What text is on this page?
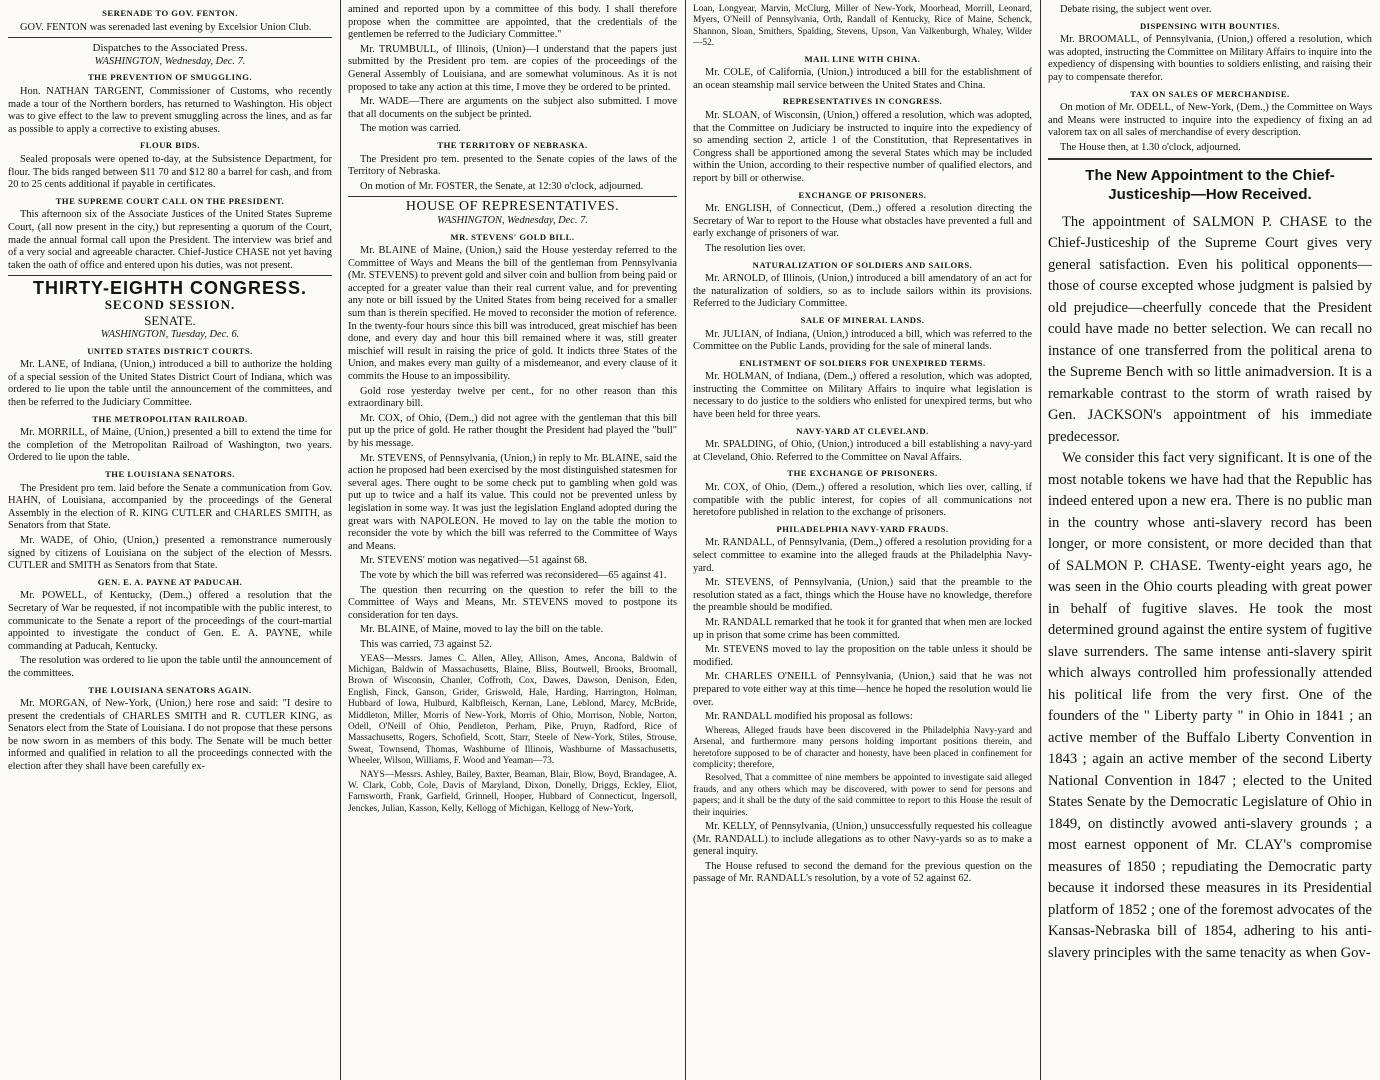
SERENADE TO GOV. FENTON.

GOV. FENTON was serenaded last evening by Excelsior Union Club.

Dispatches to the Associated Press.
WASHINGTON, Wednesday, Dec. 7.
THE PREVENTION OF SMUGGLING.

Hon. NATHAN TARGENT, Commissioner of Customs, who recently made a tour of the Northern borders, has returned to Washington. His object was to give effect to the law to prevent smuggling across the lines, and as far as possible to apply a corrective to existing abuses.

FLOUR BIDS.

Sealed proposals were opened to-day, at the Subsistence Department, for flour. The bids ranged between $11 70 and $12 80 a barrel for cash, and from 20 to 25 cents additional if payable in certificates.

THE SUPREME COURT CALL ON THE PRESIDENT.

This afternoon six of the Associate Justices of the United States Supreme Court, (all now present in the city,) but representing a quorum of the Court, made the annual formal call upon the President. The interview was brief and of a very social and agreeable character. Chief-Justice CHASE not yet having taken the oath of office and entered upon his duties, was not present.

THIRTY-EIGHTH CONGRESS.
SECOND SESSION.
SENATE.
WASHINGTON, Tuesday, Dec. 6.
UNITED STATES DISTRICT COURTS.

Mr. LANE, of Indiana, (Union,) introduced a bill to authorize the holding of a special session of the United States District Court of Indiana, which was ordered to lie upon the table until the announcement of the committees, and then be referred to the Judiciary Committee.

THE METROPOLITAN RAILROAD.

Mr. MORRILL, of Maine, (Union,) presented a bill to extend the time for the completion of the Metropolitan Railroad of Washington, two years. Ordered to lie upon the table.

THE LOUISIANA SENATORS.

The President pro tem. laid before the Senate a communication from Gov. HAHN, of Louisiana, accompanied by the proceedings of the General Assembly in the election of R. KING CUTLER and CHARLES SMITH, as Senators from that State.

Mr. WADE, of Ohio, (Union,) presented a remonstrance numerously signed by citizens of Louisiana on the subject of the election of Messrs. CUTLER and SMITH as Senators from that State.

GEN. E. A. PAYNE AT PADUCAH.

Mr. POWELL, of Kentucky, (Dem.,) offered a resolution that the Secretary of War be requested, if not incompatible with the public interest, to communicate to the Senate a report of the proceedings of the court-martial appointed to investigate the conduct of Gen. E. A. PAYNE, while commanding at Paducah, Kentucky.

The resolution was ordered to lie upon the table until the announcement of the committees.

THE LOUISIANA SENATORS AGAIN.

Mr. MORGAN, of New-York, (Union,) here rose and said: "I desire to present the credentials of CHARLES SMITH and R. CUTLER KING, as Senators elect from the State of Louisiana. I do not propose that these persons be now sworn in as members of this body. The Senate will be much better informed and qualified in relation to all the proceedings connected with the election after they shall have been carefully ex-

amined and reported upon by a committee of this body. I shall therefore propose when the committee are appointed, that the credentials of the gentlemen be referred to the Judiciary Committee."

Mr. TRUMBULL, of Illinois, (Union)—I understand that the papers just submitted by the President pro tem. are copies of the proceedings of the General Assembly of Louisiana, and are somewhat voluminous. As it is not proposed to take any action at this time, I move they be ordered to be printed.

Mr. WADE—There are arguments on the subject also submitted. I move that all documents on the subject be printed.

The motion was carried.

THE TERRITORY OF NEBRASKA.

The President pro tem. presented to the Senate copies of the laws of the Territory of Nebraska.

On motion of Mr. FOSTER, the Senate, at 12:30 o'clock, adjourned.

HOUSE OF REPRESENTATIVES.
WASHINGTON, Wednesday, Dec. 7.
MR. STEVENS' GOLD BILL.

Mr. BLAINE of Maine, (Union,) said the House yesterday referred to the Committee of Ways and Means the bill of the gentleman from Pennsylvania (Mr. STEVENS) to prevent gold and silver coin and bullion from being paid or accepted for a greater value than their real current value, and for preventing any note or bill issued by the United States from being received for a smaller sum than is therein specified. He moved to reconsider the motion of reference. In the twenty-four hours since this bill was introduced, great mischief has been done, and every day and hour this bill remained where it was, still greater mischief will result in raising the price of gold. It indicts three States of the Union, and makes every man guilty of a misdemeanor, and every clause of it commits the House to an impossibility.

Gold rose yesterday twelve per cent., for no other reason than this extraordinary bill.

Mr. COX, of Ohio, (Dem.,) did not agree with the gentleman that this bill put up the price of gold. He rather thought the President had played the "bull" by his message.

Mr. STEVENS, of Pennsylvania, (Union,) in reply to Mr. BLAINE, said the action he proposed had been exercised by the most distinguished statesmen for several ages. There ought to be some check put to gambling when gold was put up to twice and a half its value. This could not be prevented unless by legislation in some way. It was just the legislation England adopted during the great wars with NAPOLEON. He moved to lay on the table the motion to reconsider the vote by which the bill was referred to the Committee of Ways and Means.

Mr. STEVENS' motion was negatived—51 against 68.

The vote by which the bill was referred was reconsidered—65 against 41.

The question then recurring on the question to refer the bill to the Committee of Ways and Means, Mr. STEVENS moved to postpone its consideration for ten days.

Mr. BLAINE, of Maine, moved to lay the bill on the table.

This was carried, 73 against 52.

YEAS—Messrs. James C. Allen, Alley, Allison, Ames, Ancona, Baldwin of Michigan, Baldwin of Massachusetts, Blaine, Bliss, Boutwell, Brooks, Broomall, Brown of Wisconsin, Chanler, Coffroth, Cox, Dawes, Dawson, Denison, Eden, English, Finck, Ganson, Grider, Griswold, Hale, Harding, Harrington, Holman, Hubbard of Iowa, Hulburd, Kalbfleisch, Kernan, Lane, Leblond, Marcy, McBride, Middleton, Miller, Morris of New-York, Morris of Ohio, Morrison, Noble, Norton, Odell, O'Neill of Ohio, Pendleton, Perham, Pike, Pruyn, Radford, Rice of Massachusetts, Rogers, Schofield, Scott, Starr, Steele of New-York, Stiles, Strouse, Sweat, Townsend, Thomas, Washburne of Illinois, Washburne of Massachusetts, Wheeler, Wilson, Williams, F. Wood and Yeaman—73.

NAYS—Messrs. Ashley, Bailey, Baxter, Beaman, Blair, Blow, Boyd, Brandagee, A. W. Clark, Cobb, Cole, Davis of Maryland, Dixon, Donelly, Driggs, Eckley, Eliot, Farnsworth, Frank, Garfield, Grinnell, Hooper, Hubbard of Connecticut, Ingersoll, Jenckes, Julian, Kasson, Kelly, Kellogg of Michigan, Kellogg of New-York,

Loan, Longyear, Marvin, McClurg, Miller of New-York, Moorhead, Morrill, Leonard, Myers, O'Neill of Pennsylvania, Orth, Randall of Kentucky, Rice of Maine, Schenck, Shannon, Sloan, Smithers, Spalding, Stevens, Upson, Van Valkenburgh, Whaley, Wilder—52.

MAIL LINE WITH CHINA.

Mr. COLE, of California, (Union,) introduced a bill for the establishment of an ocean steamship mail service between the United States and China.

REPRESENTATIVES IN CONGRESS.

Mr. SLOAN, of Wisconsin, (Union,) offered a resolution, which was adopted, that the Committee on Judiciary be instructed to inquire into the expediency of so amending section 2, article 1 of the Constitution, that Representatives in Congress shall be apportioned among the several States which may be included within the Union, according to their respective number of qualified electors, and report by bill or otherwise.

EXCHANGE OF PRISONERS.

Mr. ENGLISH, of Connecticut, (Dem.,) offered a resolution directing the Secretary of War to report to the House what obstacles have prevented a full and early exchange of prisoners of war.

The resolution lies over.

NATURALIZATION OF SOLDIERS AND SAILORS.

Mr. ARNOLD, of Illinois, (Union,) introduced a bill amendatory of an act for the naturalization of soldiers, so as to include sailors within its provisions. Referred to the Judiciary Committee.

SALE OF MINERAL LANDS.

Mr. JULIAN, of Indiana, (Union,) introduced a bill, which was referred to the Committee on the Public Lands, providing for the sale of mineral lands.

ENLISTMENT OF SOLDIERS FOR UNEXPIRED TERMS.

Mr. HOLMAN, of Indiana, (Dem.,) offered a resolution, which was adopted, instructing the Committee on Military Affairs to inquire what legislation is necessary to do justice to the soldiers who enlisted for unexpired terms, but who have been held for three years.

NAVY-YARD AT CLEVELAND.

Mr. SPALDING, of Ohio, (Union,) introduced a bill establishing a navy-yard at Cleveland, Ohio. Referred to the Committee on Naval Affairs.

THE EXCHANGE OF PRISONERS.

Mr. COX, of Ohio, (Dem.,) offered a resolution, which lies over, calling, if compatible with the public interest, for copies of all communications not heretofore published in relation to the exchange of prisoners.

PHILADELPHIA NAVY-YARD FRAUDS.

Mr. RANDALL, of Pennsylvania, (Dem.,) offered a resolution providing for a select committee to examine into the alleged frauds at the Philadelphia Navy-yard.

Mr. STEVENS, of Pennsylvania, (Union,) said that the preamble to the resolution stated as a fact, things which the House have no knowledge, therefore the preamble should be modified.

Mr. RANDALL remarked that he took it for granted that when men are locked up in prison that some crime has been committed.

Mr. STEVENS moved to lay the proposition on the table unless it should be modified.

Mr. CHARLES O'NEILL of Pennsylvania, (Union,) said that he was not prepared to vote either way at this time—hence he hoped the resolution would lie over.

Mr. RANDALL modified his proposal as follows:

Whereas, Alleged frauds have been discovered in the Philadelphia Navy-yard and Arsenal, and furthermore many persons holding important positions therein, and heretofore supposed to be of character and honesty, have been placed in confinement for complicity; therefore,

Resolved, That a committee of nine members be appointed to investigate said alleged frauds, and any others which may be discovered, with power to send for persons and papers; and it shall be the duty of the said committee to report to this House the result of their inquiries.

Mr. KELLY, of Pennsylvania, (Union,) unsuccessfully requested his colleague (Mr. RANDALL) to include allegations as to other Navy-yards so as to make a general inquiry.

The House refused to second the demand for the previous question on the passage of Mr. RANDALL's resolution, by a vote of 52 against 62.

Debate rising, the subject went over.

DISPENSING WITH BOUNTIES.

Mr. BROOMALL, of Pennsylvania, (Union,) offered a resolution, which was adopted, instructing the Committee on Military Affairs to inquire into the expediency of dispensing with bounties to soldiers enlisting, and raising their pay to compensate therefor.

TAX ON SALES OF MERCHANDISE.

On motion of Mr. ODELL, of New-York, (Dem.,) the Committee on Ways and Means were instructed to inquire into the expediency of fixing an ad valorem tax on all sales of merchandise of every description.

The House then, at 1.30 o'clock, adjourned.

The New Appointment to the Chief-Justiceship—How Received.

The appointment of SALMON P. CHASE to the Chief-Justiceship of the Supreme Court gives very general satisfaction. Even his political opponents—those of course excepted whose judgment is palsied by old prejudice—cheerfully concede that the President could have made no better selection. We can recall no instance of one transferred from the political arena to the Supreme Bench with so little animadversion. It is a remarkable contrast to the storm of wrath raised by Gen. JACKSON's appointment of his immediate predecessor.

We consider this fact very significant. It is one of the most notable tokens we have had that the Republic has indeed entered upon a new era. There is no public man in the country whose anti-slavery record has been longer, or more consistent, or more decided than that of SALMON P. CHASE. Twenty-eight years ago, he was seen in the Ohio courts pleading with great power in behalf of fugitive slaves. He took the most determined ground against the entire system of fugitive slave surrenders. The same intense anti-slavery spirit which always controlled him professionally attended his political life from the very first. One of the founders of the " Liberty party " in Ohio in 1841 ; an active member of the Buffalo Liberty Convention in 1843 ; again an active member of the second Liberty National Convention in 1847 ; elected to the United States Senate by the Democratic Legislature of Ohio in 1849, on distinctly avowed anti-slavery grounds ; a most earnest opponent of Mr. CLAY's compromise measures of 1850 ; repudiating the Democratic party because it indorsed these measures in its Presidential platform of 1852 ; one of the foremost advocates of the Kansas-Nebraska bill of 1854, adhering to his anti-slavery principles with the same tenacity as when Gov-
